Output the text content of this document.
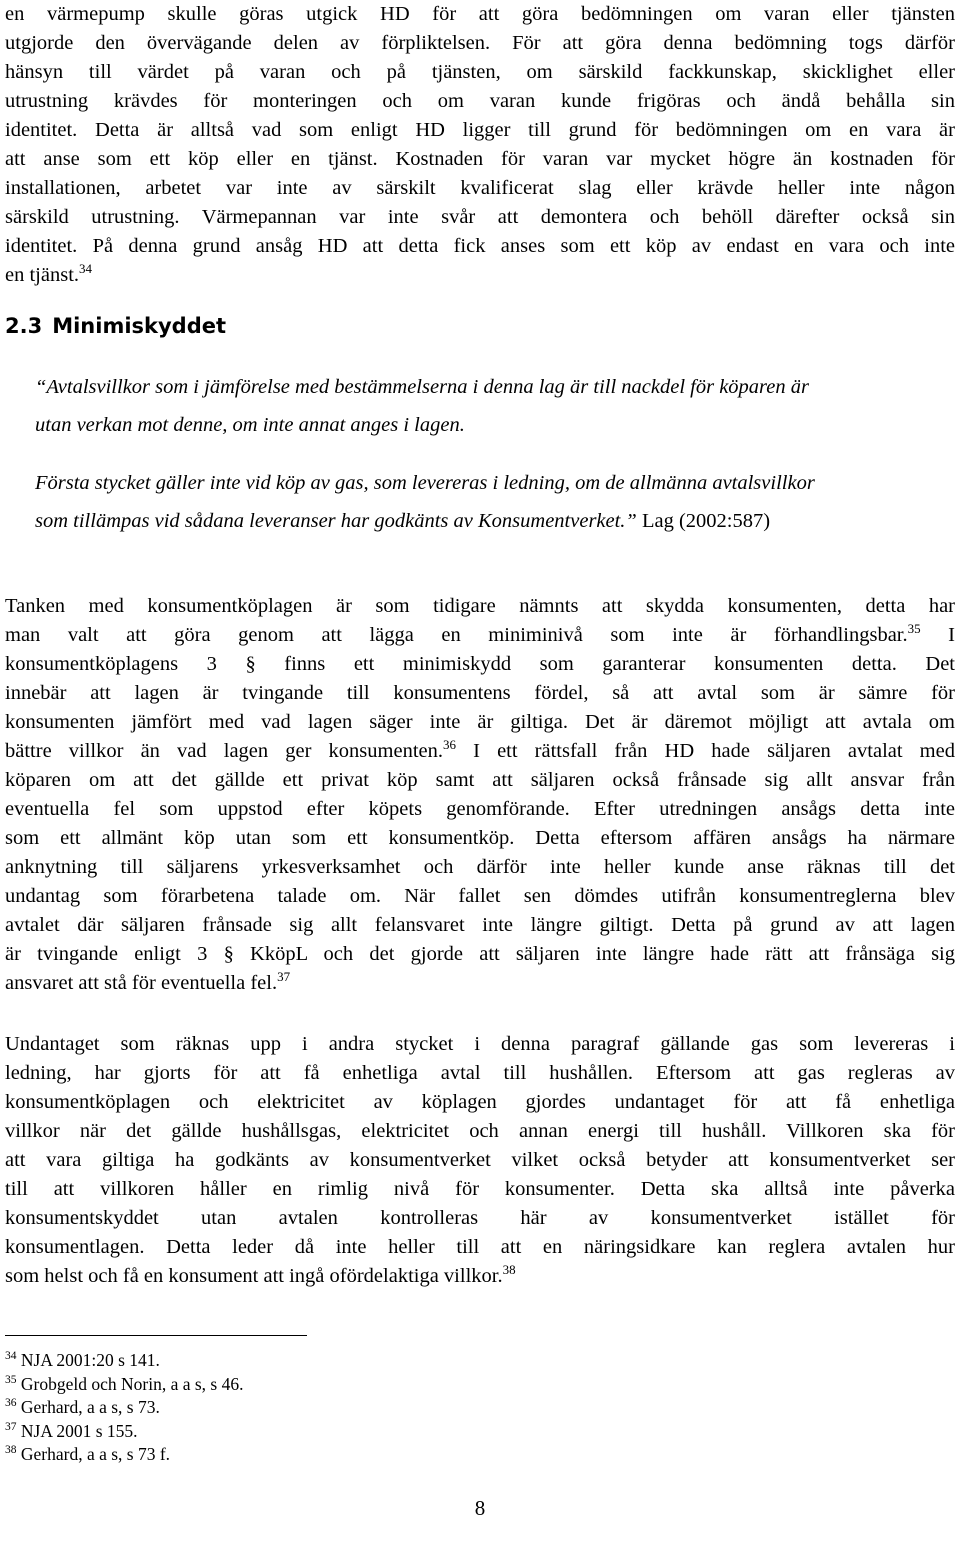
en värmepump skulle göras utgick HD för att göra bedömningen om varan eller tjänsten
utgjorde den övervägande delen av förpliktelsen. För att göra denna bedömning togs därför
hänsyn till värdet på varan och på tjänsten, om särskild fackkunskap, skicklighet eller
utrustning krävdes för monteringen och om varan kunde frigöras och ändå behålla sin
identitet. Detta är alltså vad som enligt HD ligger till grund för bedömningen om en vara är
att anse som ett köp eller en tjänst. Kostnaden för varan var mycket högre än kostnaden för
installationen, arbetet var inte av särskilt kvalificerat slag eller krävde heller inte någon
särskild utrustning. Värmepannan var inte svår att demontera och behöll därefter också sin
identitet. På denna grund ansåg HD att detta fick anses som ett köp av endast en vara och inte
en tjänst.$^{34}$
2.3 Minimiskyddet
“Avtalsvillkor som i jämförelse med bestämmelserna i denna lag är till nackdel för köparen är
utan verkan mot denne, om inte annat anges i lagen.
Första stycket gäller inte vid köp av gas, som levereras i ledning, om de allmänna avtalsvillkor
som tillämpas vid sådana leveranser har godkänts av Konsumentverket.” Lag (2002:587)
Tanken med konsumentköplagen är som tidigare nämnts att skydda konsumenten, detta har
man valt att göra genom att lägga en miniminivå som inte är förhandlingsbar.$^{35}$ I
konsumentköplagens 3 § finns ett minimiskydd som garanterar konsumenten detta. Det
innebär att lagen är tvingande till konsumentens fördel, så att avtal som är sämre för
konsumenten jämfört med vad lagen säger inte är giltiga. Det är däremot möjligt att avtala om
bättre villkor än vad lagen ger konsumenten.$^{36}$ I ett rättsfall från HD hade säljaren avtalat med
köparen om att det gällde ett privat köp samt att säljaren också frånsade sig allt ansvar från
eventuella fel som uppstod efter köpets genomförande. Efter utredningen ansågs detta inte
som ett allmänt köp utan som ett konsumentköp. Detta eftersom affären ansågs ha närmare
anknytning till säljarens yrkesverksamhet och därför inte heller kunde anse räknas till det
undantag som förarbetena talade om. När fallet sen dömdes utifrån konsumentreglerna blev
avtalet där säljaren frånsade sig allt felansvaret inte längre giltigt. Detta på grund av att lagen
är tvingande enligt 3 § KköpL och det gjorde att säljaren inte längre hade rätt att frånsäga sig
ansvaret att stå för eventuella fel.$^{37}$
Undantaget som räknas upp i andra stycket i denna paragraf gällande gas som levereras i
ledning, har gjorts för att få enhetliga avtal till hushållen. Eftersom att gas regleras av
konsumentköplagen och elektricitet av köplagen gjordes undantaget för att få enhetliga
villkor när det gällde hushållsgas, elektricitet och annan energi till hushåll. Villkoren ska för
att vara giltiga ha godkänts av konsumentverket vilket också betyder att konsumentverket ser
till att villkoren håller en rimlig nivå för konsumenter. Detta ska alltså inte påverka
konsumentskyddet utan avtalen kontrolleras här av konsumentverket istället för
konsumentlagen. Detta leder då inte heller till att en näringsidkare kan reglera avtalen hur
som helst och få en konsument att ingå ofördelaktiga villkor.$^{38}$
$^{34}$ NJA 2001:20 s 141.
$^{35}$ Grobgeld och Norin, a a s, s 46.
$^{36}$ Gerhard, a a s, s 73.
$^{37}$ NJA 2001 s 155.
$^{38}$ Gerhard, a a s, s 73 f.
8
